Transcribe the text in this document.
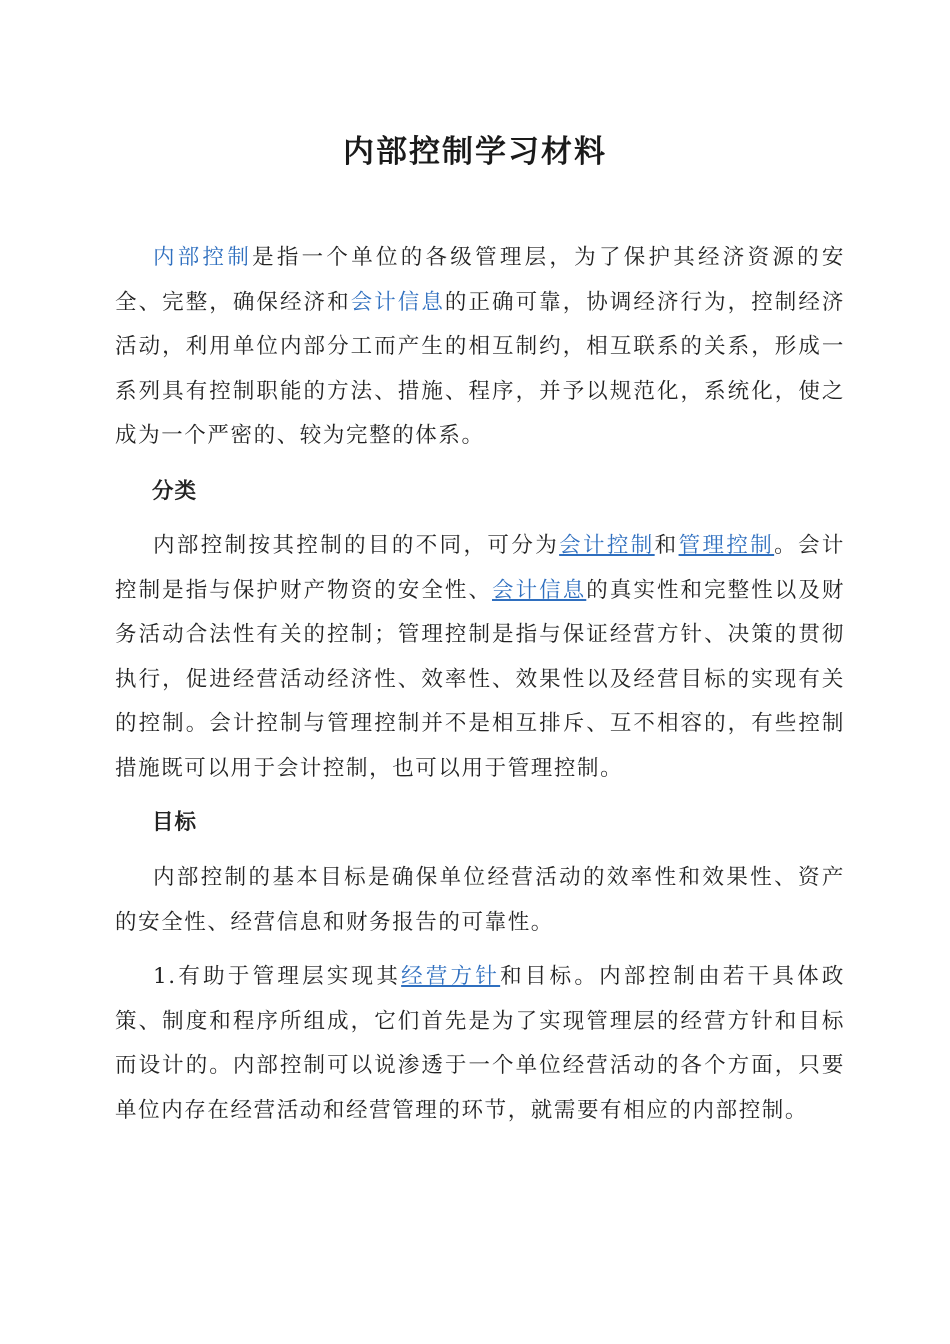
内部控制学习材料

内部控制是指一个单位的各级管理层，为了保护其经济资源的安全、完整，确保经济和会计信息的正确可靠，协调经济行为，控制经济活动，利用单位内部分工而产生的相互制约，相互联系的关系，形成一系列具有控制职能的方法、措施、程序，并予以规范化，系统化，使之成为一个严密的、较为完整的体系。

分类

内部控制按其控制的目的不同，可分为会计控制和管理控制。会计控制是指与保护财产物资的安全性、会计信息的真实性和完整性以及财务活动合法性有关的控制；管理控制是指与保证经营方针、决策的贯彻执行，促进经营活动经济性、效率性、效果性以及经营目标的实现有关的控制。会计控制与管理控制并不是相互排斥、互不相容的，有些控制措施既可以用于会计控制，也可以用于管理控制。

目标

内部控制的基本目标是确保单位经营活动的效率性和效果性、资产的安全性、经营信息和财务报告的可靠性。

1.有助于管理层实现其经营方针和目标。内部控制由若干具体政策、制度和程序所组成，它们首先是为了实现管理层的经营方针和目标而设计的。内部控制可以说渗透于一个单位经营活动的各个方面，只要单位内存在经营活动和经营管理的环节，就需要有相应的内部控制。
